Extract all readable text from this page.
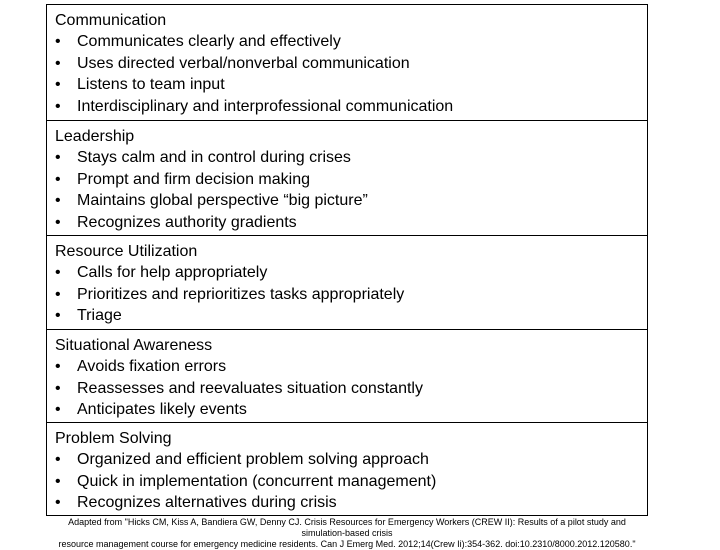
Communication
•	Communicates clearly and effectively
•	Uses directed verbal/nonverbal communication
•	Listens to team input
•	Interdisciplinary and interprofessional communication
Leadership
•	Stays calm and in control during crises
•	Prompt and firm decision making
•	Maintains global perspective “big picture”
•	Recognizes authority gradients
Resource Utilization
•	Calls for help appropriately
•	Prioritizes and reprioritizes tasks appropriately
•	Triage
Situational Awareness
•	Avoids fixation errors
•	Reassesses and reevaluates situation constantly
•	Anticipates likely events
Problem Solving
•	Organized and efficient problem solving approach
•	Quick in implementation (concurrent management)
•	Recognizes alternatives during crisis
Adapted from "Hicks CM, Kiss A, Bandiera GW, Denny CJ. Crisis Resources for Emergency Workers (CREW II): Results of a pilot study and simulation-based crisis
resource management course for emergency medicine residents. Can J Emerg Med. 2012;14(Crew Ii):354-362. doi:10.2310/8000.2012.120580."
